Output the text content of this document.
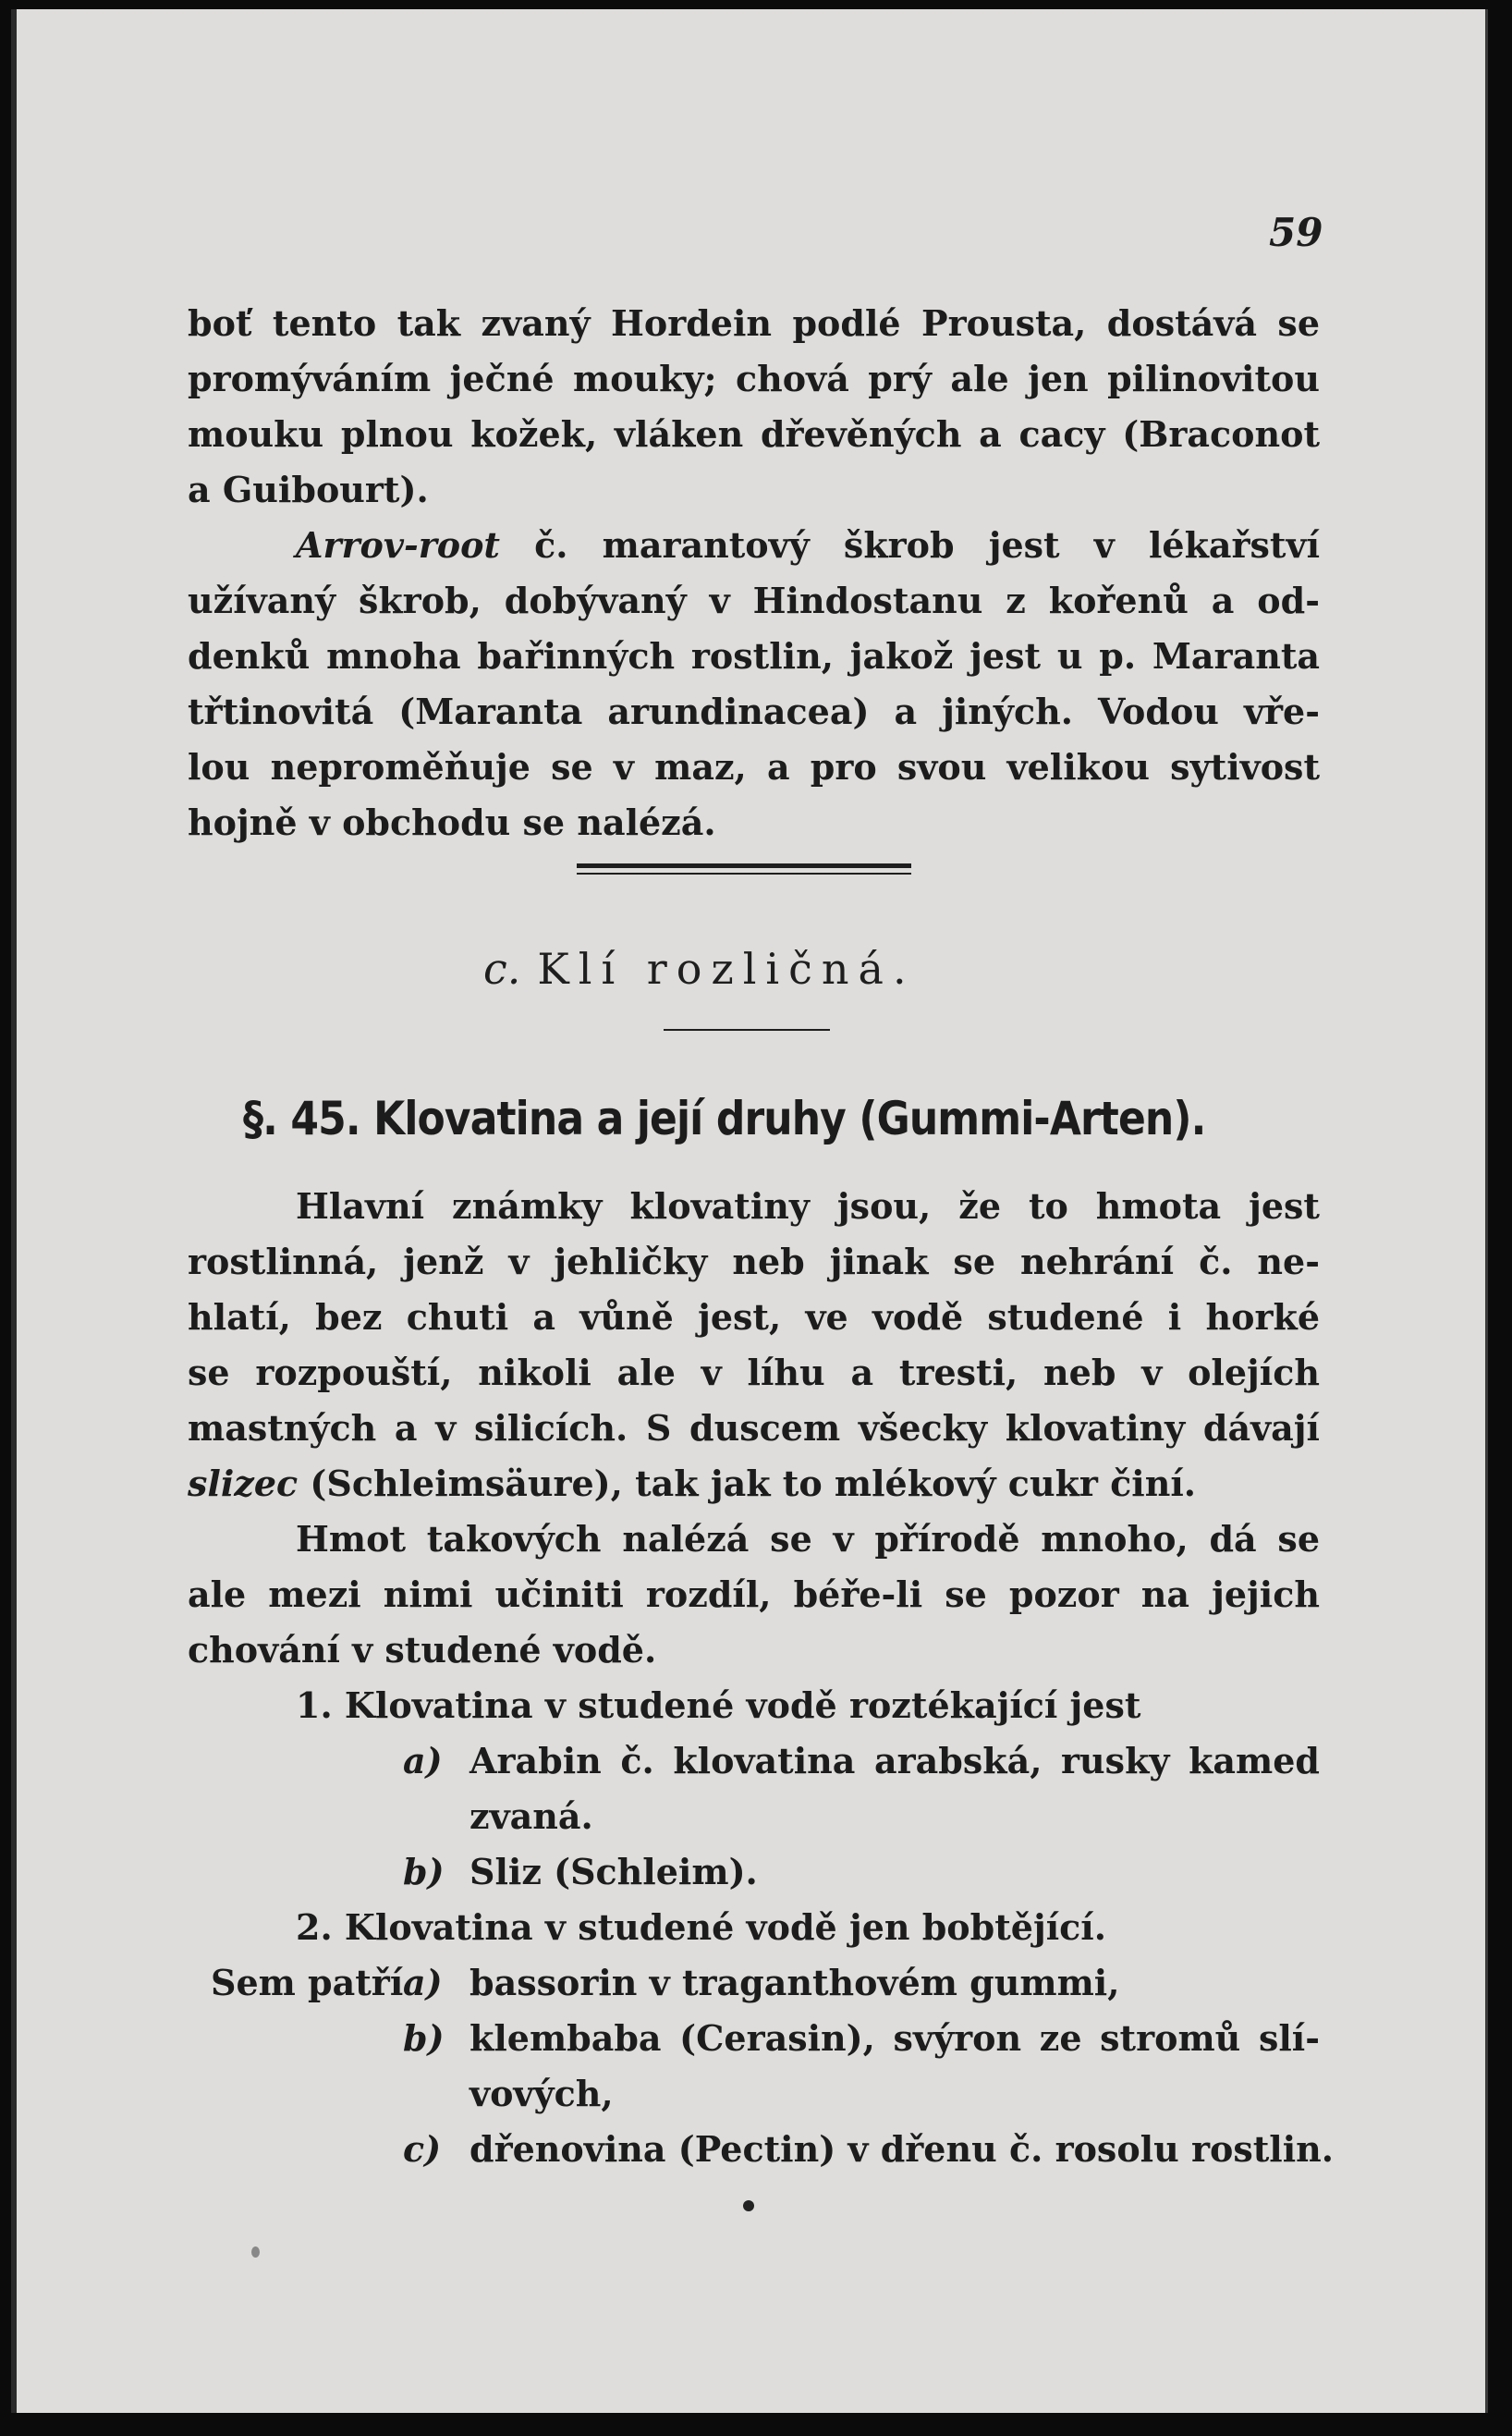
59
boť tento tak zvaný Hordein podlé Prousta, dostává se
promýváním ječné mouky; chová prý ale jen pilinovitou
mouku plnou kožek, vláken dřevěných a cacy (Braconot
a Guibourt).
Arrov-root č. marantový škrob jest v lékařství
užívaný škrob, dobývaný v Hindostanu z kořenů a od-
denků mnoha bařinných rostlin, jakož jest u p. Maranta
třtinovitá (Maranta arundinacea) a jiných. Vodou vře-
lou neproměňuje se v maz, a pro svou velikou sytivost
hojně v obchodu se nalézá.
c. Klí rozličná.
§. 45. Klovatina a její druhy (Gummi-Arten).
Hlavní známky klovatiny jsou, že to hmota jest
rostlinná, jenž v jehličky neb jinak se nehrání č. ne-
hlatí, bez chuti a vůně jest, ve vodě studené i horké
se rozpouští, nikoli ale v líhu a tresti, neb v olejích
mastných a v silicích. S duscem všecky klovatiny dávají
slizec (Schleimsäure), tak jak to mlékový cukr činí.
Hmot takových nalézá se v přírodě mnoho, dá se
ale mezi nimi učiniti rozdíl, béře-li se pozor na jejich
chování v studené vodě.
1. Klovatina v studené vodě roztékající jest
a) Arabin č. klovatina arabská, rusky kamed
zvaná.
b) Sliz (Schleim).
2. Klovatina v studené vodě jen bobtějící.
Sem patří a) bassorin v traganthovém gummi,
b) klembaba (Cerasin), svýron ze stromů slí-
vových,
c) dřenovina (Pectin) v dřenu č. rosolu rostlin.
